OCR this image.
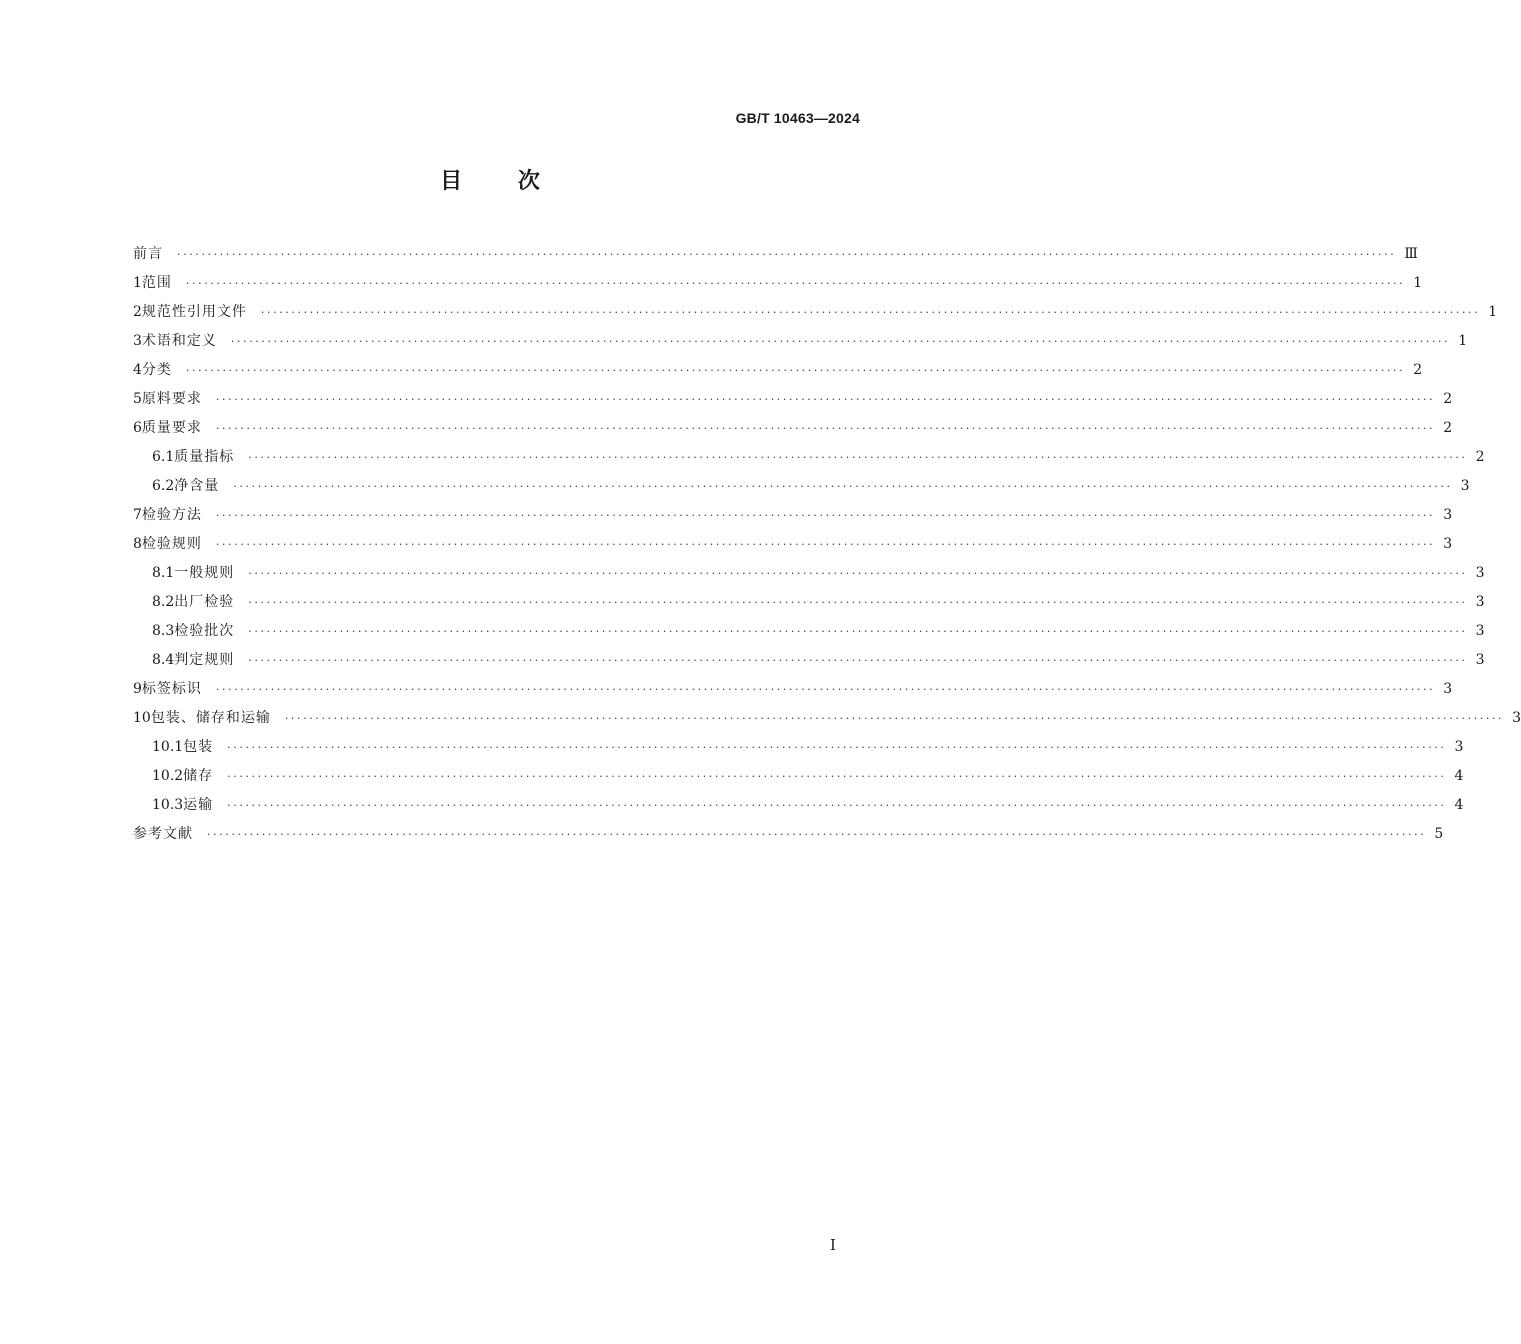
GB/T 10463—2024
目	次
前言 ········································································································································································································ Ⅲ
1 范围 ········································································································································································································ 1
2 规范性引用文件 ········································································································································································································ 1
3 术语和定义 ········································································································································································································ 1
4 分类 ········································································································································································································ 2
5 原料要求 ········································································································································································································ 2
6 质量要求 ········································································································································································································ 2
6.1 质量指标 ········································································································································································································ 2
6.2 净含量 ········································································································································································································ 3
7 检验方法 ········································································································································································································ 3
8 检验规则 ········································································································································································································ 3
8.1 一般规则 ········································································································································································································ 3
8.2 出厂检验 ········································································································································································································ 3
8.3 检验批次 ········································································································································································································ 3
8.4 判定规则 ········································································································································································································ 3
9 标签标识 ········································································································································································································ 3
10 包装、储存和运输 ········································································································································································································ 3
10.1 包装 ········································································································································································································ 3
10.2 储存 ········································································································································································································ 4
10.3 运输 ········································································································································································································ 4
参考文献 ········································································································································································································ 5
Ⅰ
